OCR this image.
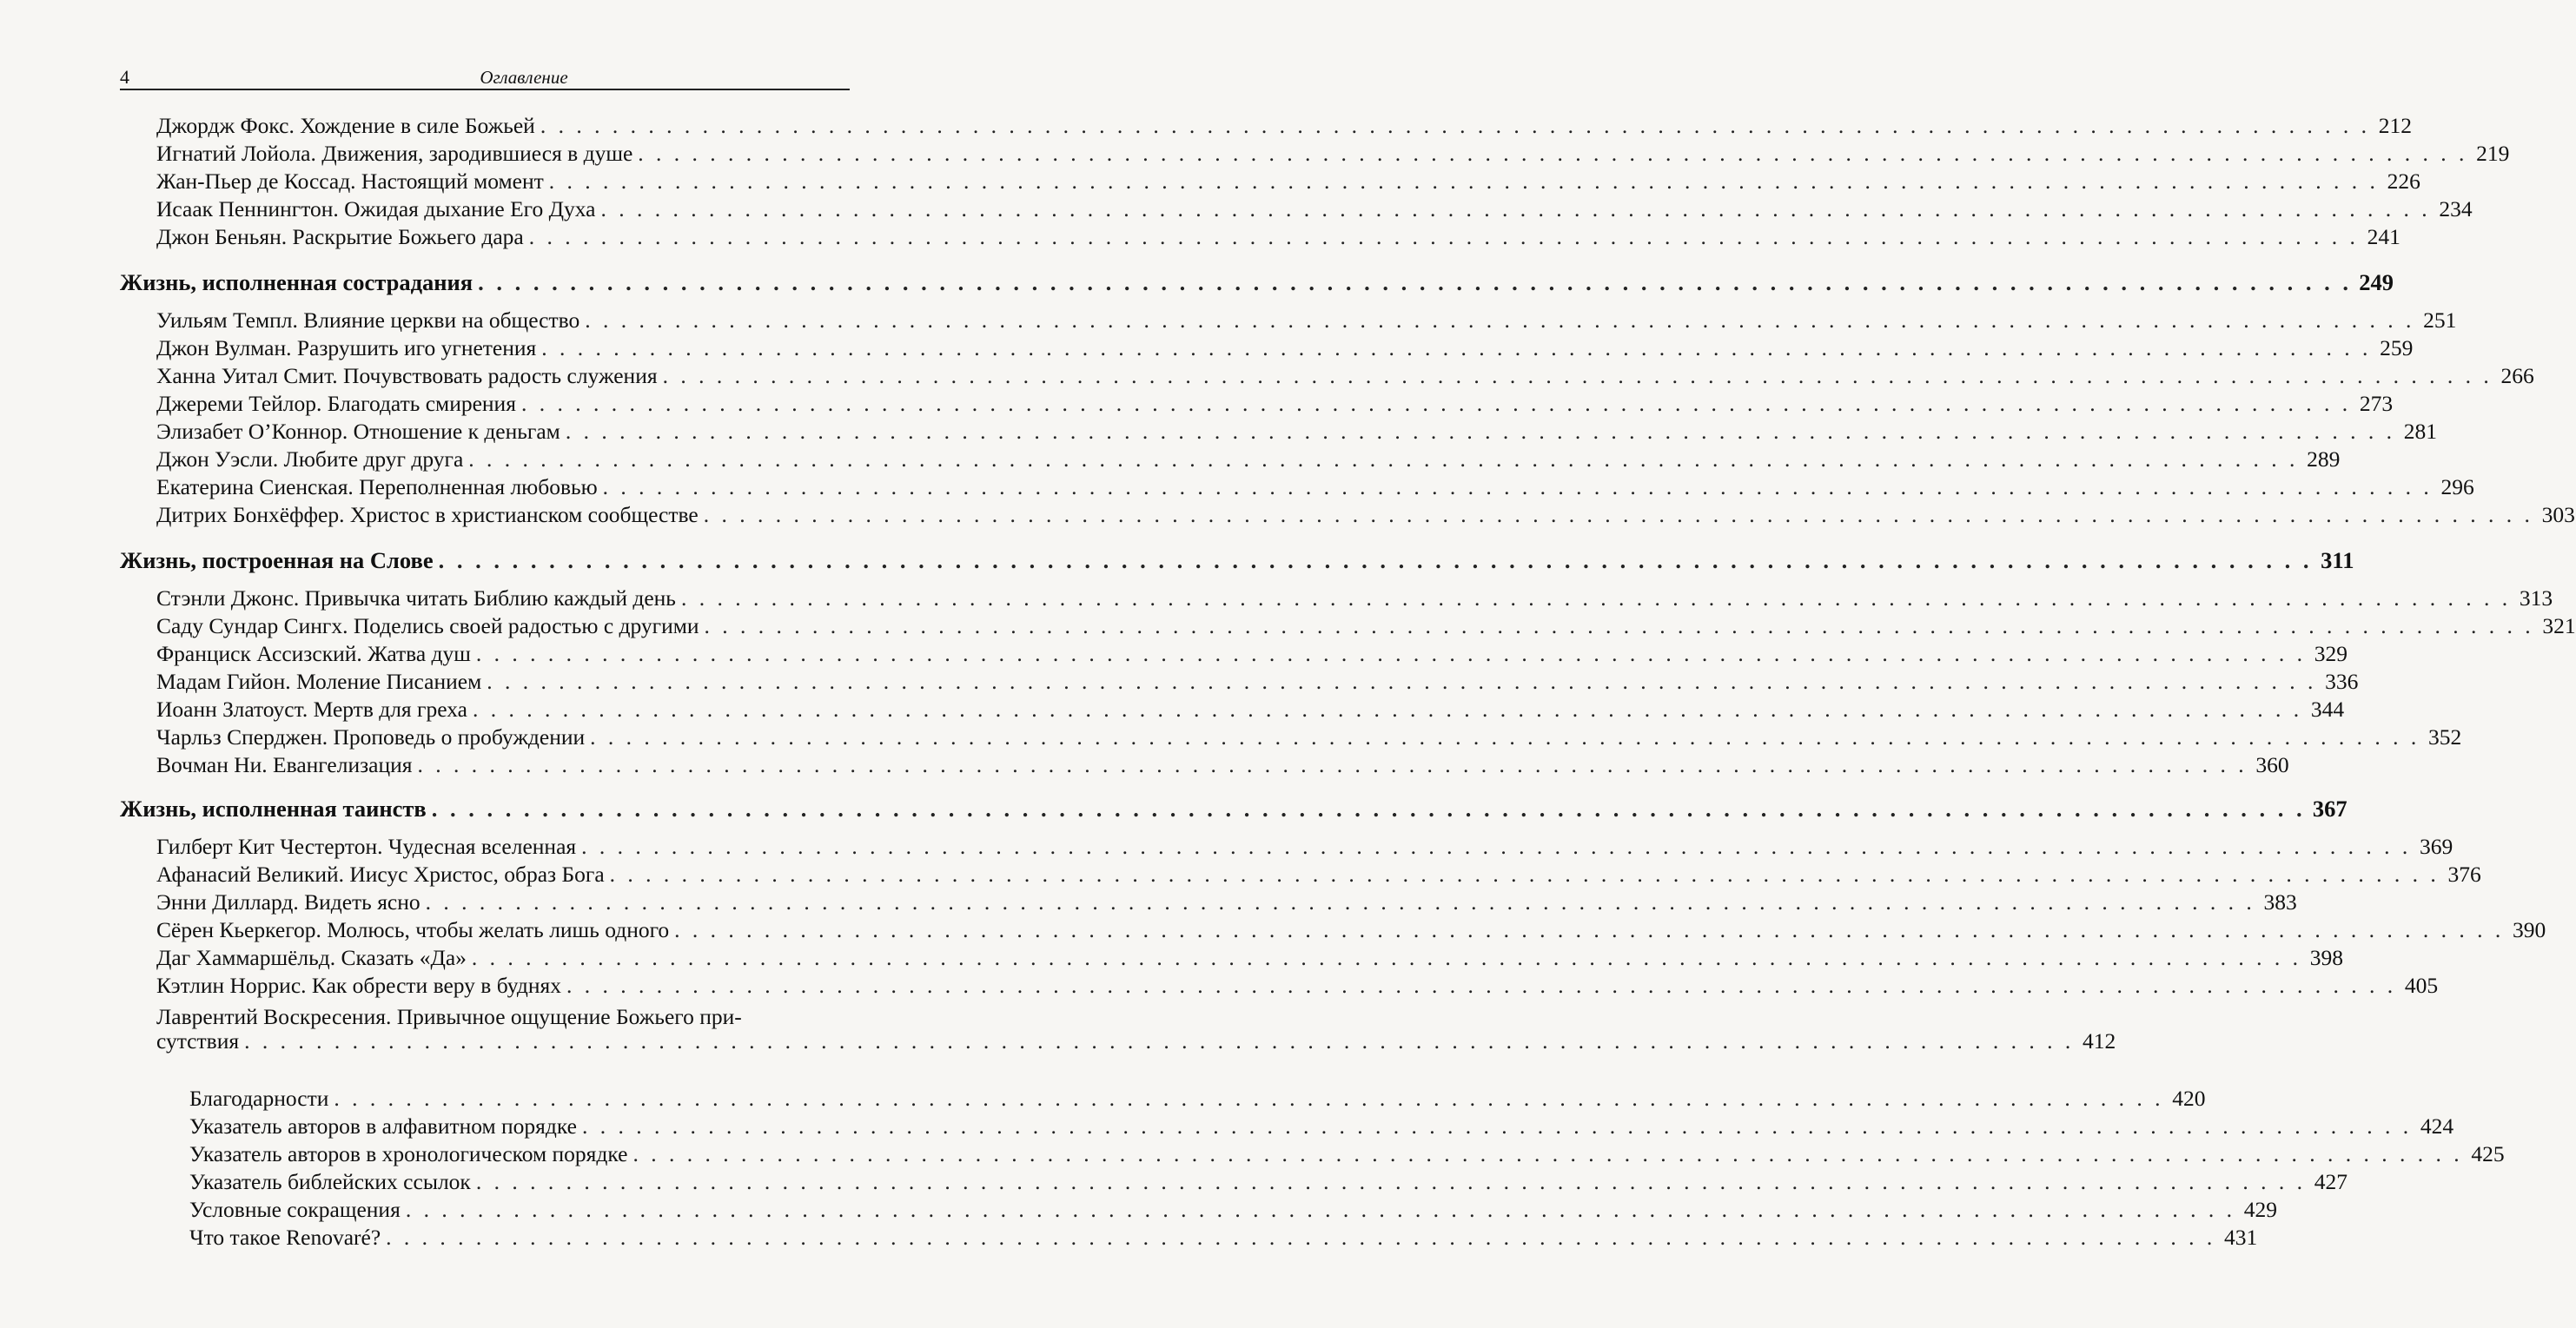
4	Оглавление
Джордж Фокс. Хождение в силе Божьей . . . . . . . . . . . . . . . . . . . . . . . . . . . . . . . . . . . . . . . . . . . . . . . . . . . . . . . . . . . . . . . . . . . . . . . . . . . . . . . . . . . . . . . . . . . . . . . . . . . . . . 212
Игнатий Лойола. Движения, зародившиеся в душе . . . . . . . . . . . . . . . . . . . . . . . . . . . . . . . . . . . . . . . . . . . . . . . . . . . . . . . . . . . . . . . . . . . . . . . . . . . . . . . . . . . . . . . . . . . . . . . . . . . . . . 219
Жан-Пьер де Коссад. Настоящий момент . . . . . . . . . . . . . . . . . . . . . . . . . . . . . . . . . . . . . . . . . . . . . . . . . . . . . . . . . . . . . . . . . . . . . . . . . . . . . . . . . . . . . . . . . . . . . . . . . . . . . . 226
Исаак Пеннингтон. Ожидая дыхание Его Духа . . . . . . . . . . . . . . . . . . . . . . . . . . . . . . . . . . . . . . . . . . . . . . . . . . . . . . . . . . . . . . . . . . . . . . . . . . . . . . . . . . . . . . . . . . . . . . . . . . . . . . 234
Джон Беньян. Раскрытие Божьего дара . . . . . . . . . . . . . . . . . . . . . . . . . . . . . . . . . . . . . . . . . . . . . . . . . . . . . . . . . . . . . . . . . . . . . . . . . . . . . . . . . . . . . . . . . . . . . . . . . . . . . . 241
Жизнь, исполненная сострадания . . . . . . . . . . . . . . . . . . . . . . . . . . . . . . . . . . . . . . . . . . . . . . . . . . . . . . . . . . . . . . . . . . . . . . . . . . . . . . . . . . . . . . . . . . . . . . . . . . . . . . 249
Уильям Темпл. Влияние церкви на общество . . . . . . . . . . . . . . . . . . . . . . . . . . . . . . . . . . . . . . . . . . . . . . . . . . . . . . . . . . . . . . . . . . . . . . . . . . . . . . . . . . . . . . . . . . . . . . . . . . . . . . 251
Джон Вулман. Разрушить иго угнетения . . . . . . . . . . . . . . . . . . . . . . . . . . . . . . . . . . . . . . . . . . . . . . . . . . . . . . . . . . . . . . . . . . . . . . . . . . . . . . . . . . . . . . . . . . . . . . . . . . . . . . 259
Ханна Уитал Смит. Почувствовать радость служения . . . . . . . . . . . . . . . . . . . . . . . . . . . . . . . . . . . . . . . . . . . . . . . . . . . . . . . . . . . . . . . . . . . . . . . . . . . . . . . . . . . . . . . . . . . . . . . . . . . . . . 266
Джереми Тейлор. Благодать смирения . . . . . . . . . . . . . . . . . . . . . . . . . . . . . . . . . . . . . . . . . . . . . . . . . . . . . . . . . . . . . . . . . . . . . . . . . . . . . . . . . . . . . . . . . . . . . . . . . . . . . . 273
Элизабет О’Коннор. Отношение к деньгам . . . . . . . . . . . . . . . . . . . . . . . . . . . . . . . . . . . . . . . . . . . . . . . . . . . . . . . . . . . . . . . . . . . . . . . . . . . . . . . . . . . . . . . . . . . . . . . . . . . . . . 281
Джон Уэсли. Любите друг друга . . . . . . . . . . . . . . . . . . . . . . . . . . . . . . . . . . . . . . . . . . . . . . . . . . . . . . . . . . . . . . . . . . . . . . . . . . . . . . . . . . . . . . . . . . . . . . . . . . . . . . 289
Екатерина Сиенская. Переполненная любовью . . . . . . . . . . . . . . . . . . . . . . . . . . . . . . . . . . . . . . . . . . . . . . . . . . . . . . . . . . . . . . . . . . . . . . . . . . . . . . . . . . . . . . . . . . . . . . . . . . . . . . 296
Дитрих Бонхёффер. Христос в христианском сообществе . . . . . . . . . . . . . . . . . . . . . . . . . . . . . . . . . . . . . . . . . . . . . . . . . . . . . . . . . . . . . . . . . . . . . . . . . . . . . . . . . . . . . . . . . . . . . . . . . . . . . . 303
Жизнь, построенная на Слове . . . . . . . . . . . . . . . . . . . . . . . . . . . . . . . . . . . . . . . . . . . . . . . . . . . . . . . . . . . . . . . . . . . . . . . . . . . . . . . . . . . . . . . . . . . . . . . . . . . . . . 311
Стэнли Джонс. Привычка читать Библию каждый день . . . . . . . . . . . . . . . . . . . . . . . . . . . . . . . . . . . . . . . . . . . . . . . . . . . . . . . . . . . . . . . . . . . . . . . . . . . . . . . . . . . . . . . . . . . . . . . . . . . . . . 313
Саду Сундар Сингх. Поделись своей радостью с другими . . . . . . . . . . . . . . . . . . . . . . . . . . . . . . . . . . . . . . . . . . . . . . . . . . . . . . . . . . . . . . . . . . . . . . . . . . . . . . . . . . . . . . . . . . . . . . . . . . . . . . 321
Франциск Ассизский. Жатва душ . . . . . . . . . . . . . . . . . . . . . . . . . . . . . . . . . . . . . . . . . . . . . . . . . . . . . . . . . . . . . . . . . . . . . . . . . . . . . . . . . . . . . . . . . . . . . . . . . . . . . . 329
Мадам Гийон. Моление Писанием . . . . . . . . . . . . . . . . . . . . . . . . . . . . . . . . . . . . . . . . . . . . . . . . . . . . . . . . . . . . . . . . . . . . . . . . . . . . . . . . . . . . . . . . . . . . . . . . . . . . . . 336
Иоанн Златоуст. Мертв для греха . . . . . . . . . . . . . . . . . . . . . . . . . . . . . . . . . . . . . . . . . . . . . . . . . . . . . . . . . . . . . . . . . . . . . . . . . . . . . . . . . . . . . . . . . . . . . . . . . . . . . . 344
Чарльз Сперджен. Проповедь о пробуждении . . . . . . . . . . . . . . . . . . . . . . . . . . . . . . . . . . . . . . . . . . . . . . . . . . . . . . . . . . . . . . . . . . . . . . . . . . . . . . . . . . . . . . . . . . . . . . . . . . . . . . 352
Вочман Ни. Евангелизация . . . . . . . . . . . . . . . . . . . . . . . . . . . . . . . . . . . . . . . . . . . . . . . . . . . . . . . . . . . . . . . . . . . . . . . . . . . . . . . . . . . . . . . . . . . . . . . . . . . . . . 360
Жизнь, исполненная таинств . . . . . . . . . . . . . . . . . . . . . . . . . . . . . . . . . . . . . . . . . . . . . . . . . . . . . . . . . . . . . . . . . . . . . . . . . . . . . . . . . . . . . . . . . . . . . . . . . . . . . . 367
Гилберт Кит Честертон. Чудесная вселенная . . . . . . . . . . . . . . . . . . . . . . . . . . . . . . . . . . . . . . . . . . . . . . . . . . . . . . . . . . . . . . . . . . . . . . . . . . . . . . . . . . . . . . . . . . . . . . . . . . . . . . 369
Афанасий Великий. Иисус Христос, образ Бога . . . . . . . . . . . . . . . . . . . . . . . . . . . . . . . . . . . . . . . . . . . . . . . . . . . . . . . . . . . . . . . . . . . . . . . . . . . . . . . . . . . . . . . . . . . . . . . . . . . . . . 376
Энни Диллард. Видеть ясно . . . . . . . . . . . . . . . . . . . . . . . . . . . . . . . . . . . . . . . . . . . . . . . . . . . . . . . . . . . . . . . . . . . . . . . . . . . . . . . . . . . . . . . . . . . . . . . . . . . . . . 383
Сёрен Кьеркегор. Молюсь, чтобы желать лишь одного . . . . . . . . . . . . . . . . . . . . . . . . . . . . . . . . . . . . . . . . . . . . . . . . . . . . . . . . . . . . . . . . . . . . . . . . . . . . . . . . . . . . . . . . . . . . . . . . . . . . . . 390
Даг Хаммаршёльд. Сказать «Да» . . . . . . . . . . . . . . . . . . . . . . . . . . . . . . . . . . . . . . . . . . . . . . . . . . . . . . . . . . . . . . . . . . . . . . . . . . . . . . . . . . . . . . . . . . . . . . . . . . . . . . 398
Кэтлин Норрис. Как обрести веру в буднях . . . . . . . . . . . . . . . . . . . . . . . . . . . . . . . . . . . . . . . . . . . . . . . . . . . . . . . . . . . . . . . . . . . . . . . . . . . . . . . . . . . . . . . . . . . . . . . . . . . . . . 405
Лаврентий Воскресения. Привычное ощущение Божьего при-
сутствия . . . . . . . . . . . . . . . . . . . . . . . . . . . . . . . . . . . . . . . . . . . . . . . . . . . . . . . . . . . . . . . . . . . . . . . . . . . . . . . . . . . . . . . . . . . . . . . . . . . . . . 412
Благодарности . . . . . . . . . . . . . . . . . . . . . . . . . . . . . . . . . . . . . . . . . . . . . . . . . . . . . . . . . . . . . . . . . . . . . . . . . . . . . . . . . . . . . . . . . . . . . . . . . . . . . . 420
Указатель авторов в алфавитном порядке . . . . . . . . . . . . . . . . . . . . . . . . . . . . . . . . . . . . . . . . . . . . . . . . . . . . . . . . . . . . . . . . . . . . . . . . . . . . . . . . . . . . . . . . . . . . . . . . . . . . . . 424
Указатель авторов в хронологическом порядке . . . . . . . . . . . . . . . . . . . . . . . . . . . . . . . . . . . . . . . . . . . . . . . . . . . . . . . . . . . . . . . . . . . . . . . . . . . . . . . . . . . . . . . . . . . . . . . . . . . . . . 425
Указатель библейских ссылок . . . . . . . . . . . . . . . . . . . . . . . . . . . . . . . . . . . . . . . . . . . . . . . . . . . . . . . . . . . . . . . . . . . . . . . . . . . . . . . . . . . . . . . . . . . . . . . . . . . . . . 427
Условные сокращения . . . . . . . . . . . . . . . . . . . . . . . . . . . . . . . . . . . . . . . . . . . . . . . . . . . . . . . . . . . . . . . . . . . . . . . . . . . . . . . . . . . . . . . . . . . . . . . . . . . . . . 429
Что такое Renovaré? . . . . . . . . . . . . . . . . . . . . . . . . . . . . . . . . . . . . . . . . . . . . . . . . . . . . . . . . . . . . . . . . . . . . . . . . . . . . . . . . . . . . . . . . . . . . . . . . . . . . . . 431
